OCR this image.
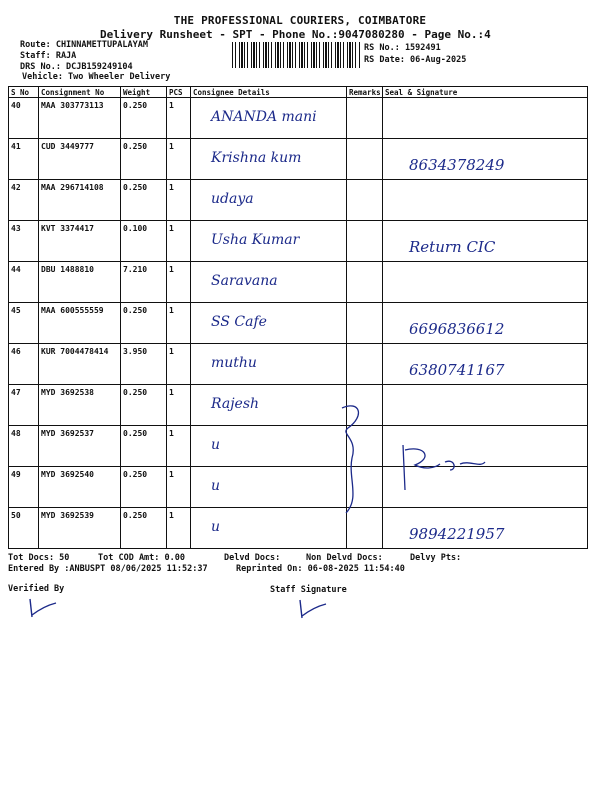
THE PROFESSIONAL COURIERS, COIMBATORE
Delivery Runsheet - SPT - Phone No.:9047080280 - Page No.:4
Route: CHINNAMETTUPALAYAM
Staff: RAJA
DRS No.: DCJB159249104
Vehicle: Two Wheeler Delivery
RS No.: 1592491
RS Date: 06-Aug-2025
S No	Consignment No	Weight	PCS	Consignee Details	Remarks	Seal & Signature
40	MAA 303773113	0.250	1	ANANDA mani		
41	CUD 3449777	0.250	1	Krishna kum		8634378249
42	MAA 296714108	0.250	1	udaya		
43	KVT 3374417	0.100	1	Usha Kumar		Return CIC
44	DBU 1488810	7.210	1	Saravana		
45	MAA 600555559	0.250	1	SS Cafe		6696836612
46	KUR 7004478414	3.950	1	muthu		6380741167
47	MYD 3692538	0.250	1	Rajesh		
48	MYD 3692537	0.250	1	u		
49	MYD 3692540	0.250	1	u		
50	MYD 3692539	0.250	1	u		9894221957
Tot Docs: 50	Tot COD Amt: 0.00	Delvd Docs:	Non Delvd Docs:	Delvy Pts:
Entered By :ANBUSPT 08/06/2025 11:52:37	Reprinted On: 06-08-2025 11:54:40
Verified By	Staff Signature
